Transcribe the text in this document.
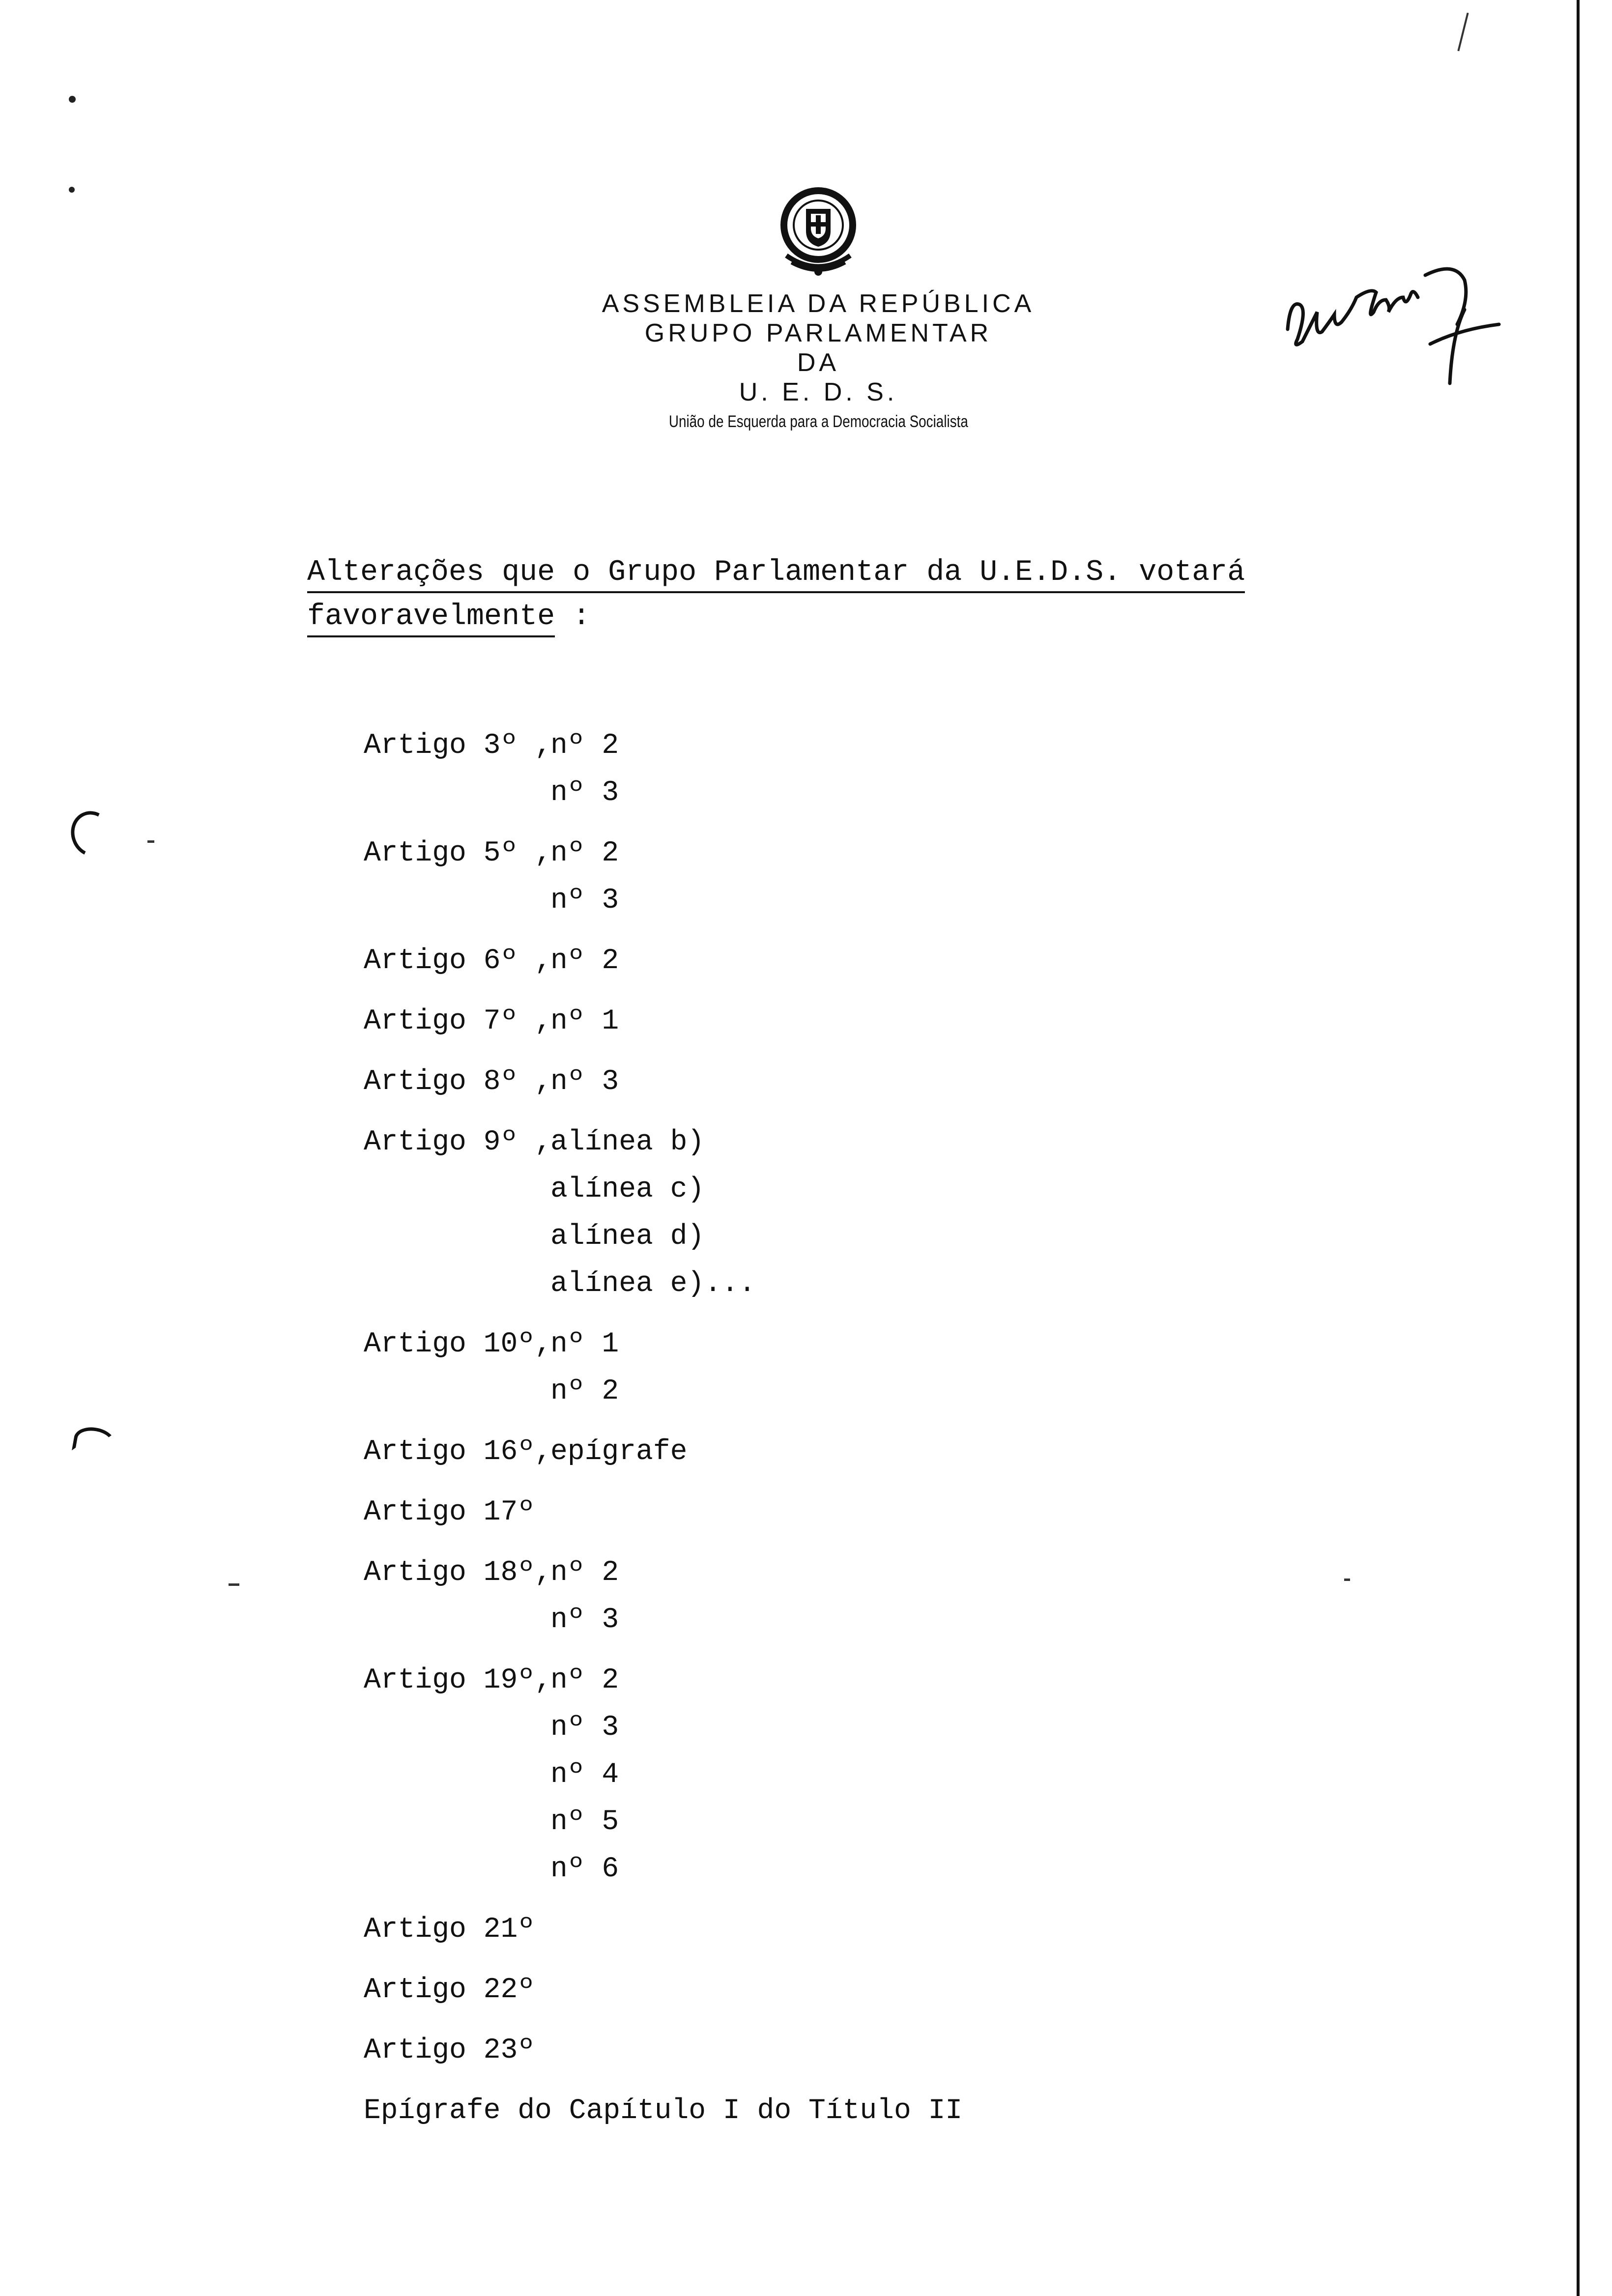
ASSEMBLEIA DA REPÚBLICA
GRUPO PARLAMENTAR
DA
U. E. D. S.
União de Esquerda para a Democracia Socialista
Alterações que o Grupo Parlamentar da U.E.D.S. votará favoravelmente :
Artigo 3º ,
nº 2
nº 3
Artigo 5º ,
nº 2
nº 3
Artigo 6º ,
nº 2
Artigo 7º ,
nº 1
Artigo 8º ,
nº 3
Artigo 9º ,
alínea b)
alínea c)
alínea d)
alínea e)...
Artigo 10º,
nº 1
nº 2
Artigo 16º,
epígrafe
Artigo 17º
Artigo 18º,
nº 2
nº 3
Artigo 19º,
nº 2
nº 3
nº 4
nº 5
nº 6
Artigo 21º
Artigo 22º
Artigo 23º
Epígrafe do Capítulo I do Título II
